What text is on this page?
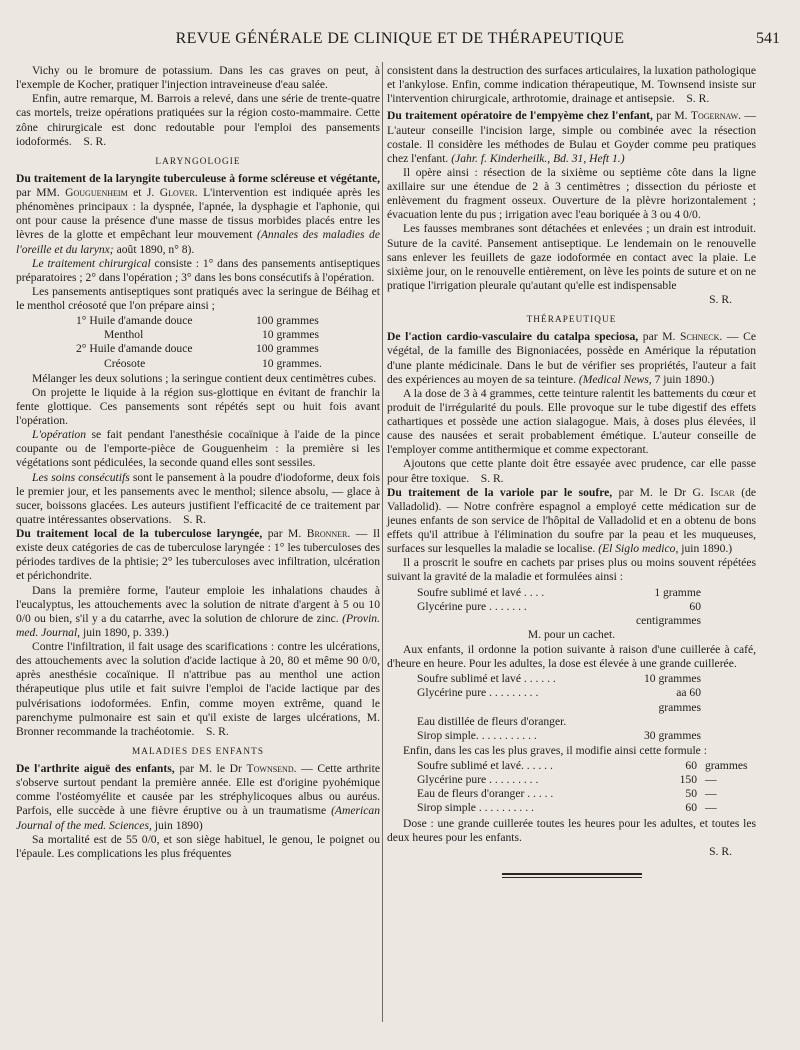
REVUE GÉNÉRALE DE CLINIQUE ET DE THÉRAPEUTIQUE	541

Vichy ou le bromure de potassium. Dans les cas graves on peut, à l'exemple de Kocher, pratiquer l'injection intraveineuse d'eau salée.

Enfin, autre remarque, M. Barrois a relevé, dans une série de trente-quatre cas mortels, treize opérations pratiquées sur la région costo-mammaire. Cette zône chirurgicale est donc redoutable pour l'emploi des pansements iodoformés. S. R.

LARYNGOLOGIE

Du traitement de la laryngite tuberculeuse à forme scléreuse et végétante, par MM. Gouguenheim et J. Glover. L'intervention est indiquée après les phénomènes principaux : la dyspnée, l'apnée, la dysphagie et l'aphonie, qui ont pour cause la présence d'une masse de tissus morbides placés entre les lèvres de la glotte et empêchant leur mouvement (Annales des maladies de l'oreille et du larynx; août 1890, n° 8).

Le traitement chirurgical consiste : 1° dans des pansements antiseptiques préparatoires ; 2° dans l'opération ; 3° dans les bons consécutifs à l'opération.

Les pansements antiseptiques sont pratiqués avec la seringue de Béihag et le menthol créosoté que l'on prépare ainsi ;

1° Huile d'amande douce	100 grammes
Menthol	10 grammes
2° Huile d'amande douce	100 grammes
Créosote	10 grammes.

Mélanger les deux solutions ; la seringue contient deux centimètres cubes.

On projette le liquide à la région sus-glottique en évitant de franchir la fente glottique. Ces pansements sont répétés sept ou huit fois avant l'opération.

L'opération se fait pendant l'anesthésie cocaïnique à l'aide de la pince coupante ou de l'emporte-pièce de Gouguenheim : la première si les végétations sont pédiculées, la seconde quand elles sont sessiles.

Les soins consécutifs sont le pansement à la poudre d'iodoforme, deux fois le premier jour, et les pansements avec le menthol; silence absolu, — glace à sucer, boissons glacées. Les auteurs justifient l'efficacité de ce traitement par quatre intéressantes observations. S. R.

Du traitement local de la tuberculose laryngée, par M. Bronner. — Il existe deux catégories de cas de tuberculose laryngée : 1° les tuberculoses des périodes tardives de la phtisie; 2° les tuberculoses avec infiltration, ulcération et périchondrite.

Dans la première forme, l'auteur emploie les inhalations chaudes à l'eucalyptus, les attouchements avec la solution de nitrate d'argent à 5 ou 10 0/0 ou bien, s'il y a du catarrhe, avec la solution de chlorure de zinc. (Provin. med. Journal, juin 1890, p. 339.)

Contre l'infiltration, il fait usage des scarifications : contre les ulcérations, des attouchements avec la solution d'acide lactique à 20, 80 et même 90 0/0, après anesthésie cocaïnique. Il n'attribue pas au menthol une action thérapeutique plus utile et fait suivre l'emploi de l'acide lactique par des pulvérisations iodoformées. Enfin, comme moyen extrême, quand le parenchyme pulmonaire est sain et qu'il existe de larges ulcérations, M. Bronner recommande la trachéotomie. S. R.

MALADIES DES ENFANTS

De l'arthrite aiguë des enfants, par M. le Dr Townsend. — Cette arthrite s'observe surtout pendant la première année. Elle est d'origine pyohémique comme l'ostéomyélite et causée par les stréphylicoques albus ou auréus. Parfois, elle succède à une fièvre éruptive ou à un traumatisme (American Journal of the med. Sciences, juin 1890)

Sa mortalité est de 55 0/0, et son siège habituel, le genou, le poignet ou l'épaule. Les complications les plus fréquentes

consistent dans la destruction des surfaces articulaires, la luxation pathologique et l'ankylose. Enfin, comme indication thérapeutique, M. Townsend insiste sur l'intervention chirurgicale, arthrotomie, drainage et antisepsie. S. R.

Du traitement opératoire de l'empyème chez l'enfant, par M. Togernaw. — L'auteur conseille l'incision large, simple ou combinée avec la résection costale. Il considère les méthodes de Bulau et Goyder comme peu pratiques chez l'enfant. (Jahr. f. Kinderheilk., Bd. 31, Heft 1.)

Il opère ainsi : résection de la sixième ou septième côte dans la ligne axillaire sur une étendue de 2 à 3 centimètres ; dissection du périoste et enlèvement du fragment osseux. Ouverture de la plèvre horizontalement ; évacuation lente du pus ; irrigation avec l'eau boriquée à 3 ou 4 0/0.

Les fausses membranes sont détachées et enlevées ; un drain est introduit. Suture de la cavité. Pansement antiseptique. Le lendemain on le renouvelle sans enlever les feuillets de gaze iodoformée en contact avec la plaie. Le sixième jour, on le renouvelle entièrement, on lève les points de suture et on ne pratique l'irrigation pleurale qu'autant qu'elle est indispensable

S. R.

THÉRAPEUTIQUE

De l'action cardio-vasculaire du catalpa speciosa, par M. Schneck. — Ce végétal, de la famille des Bignoniacées, possède en Amérique la réputation d'une plante médicinale. Dans le but de vérifier ses propriétés, l'auteur a fait des expériences au moyen de sa teinture. (Medical News, 7 juin 1890.)

A la dose de 3 à 4 grammes, cette teinture ralentit les battements du cœur et produit de l'irrégularité du pouls. Elle provoque sur le tube digestif des effets cathartiques et possède une action sialagogue. Mais, à doses plus élevées, il cause des nausées et serait probablement émétique. L'auteur conseille de l'employer comme antithermique et comme expectorant.

Ajoutons que cette plante doit être essayée avec prudence, car elle passe pour être toxique. S. R.

Du traitement de la variole par le soufre, par M. le Dr G. Iscar (de Valladolid). — Notre confrère espagnol a employé cette médication sur de jeunes enfants de son service de l'hôpital de Valladolid et en a obtenu de bons effets qu'il attribue à l'élimination du soufre par la peau et les muqueuses, surfaces sur lesquelles la maladie se localise. (El Siglo medico, juin 1890.)

Il a proscrit le soufre en cachets par prises plus ou moins souvent répétées suivant la gravité de la maladie et formulées ainsi :

Soufre sublimé et lavé . . . .	1 gramme
Glycérine pure . . . . . . .	60 centigrammes
M. pour un cachet.

Aux enfants, il ordonne la potion suivante à raison d'une cuillerée à café, d'heure en heure. Pour les adultes, la dose est élevée à une grande cuillerée.

Soufre sublimé et lavé . . . . . .	10 grammes
Glycérine pure . . . . . . . . .	aa 60 grammes
Eau distillée de fleurs d'oranger.
Sirop simple. . . . . . . . . . .	30 grammes

Enfin, dans les cas les plus graves, il modifie ainsi cette formule :

Soufre sublimé et lavé. . . . . .	60 grammes
Glycérine pure . . . . . . . . .	150 —
Eau de fleurs d'oranger . . . . .	50 —
Sirop simple . . . . . . . . . .	60 —

Dose : une grande cuillerée toutes les heures pour les adultes, et toutes les deux heures pour les enfants.

S. R.
